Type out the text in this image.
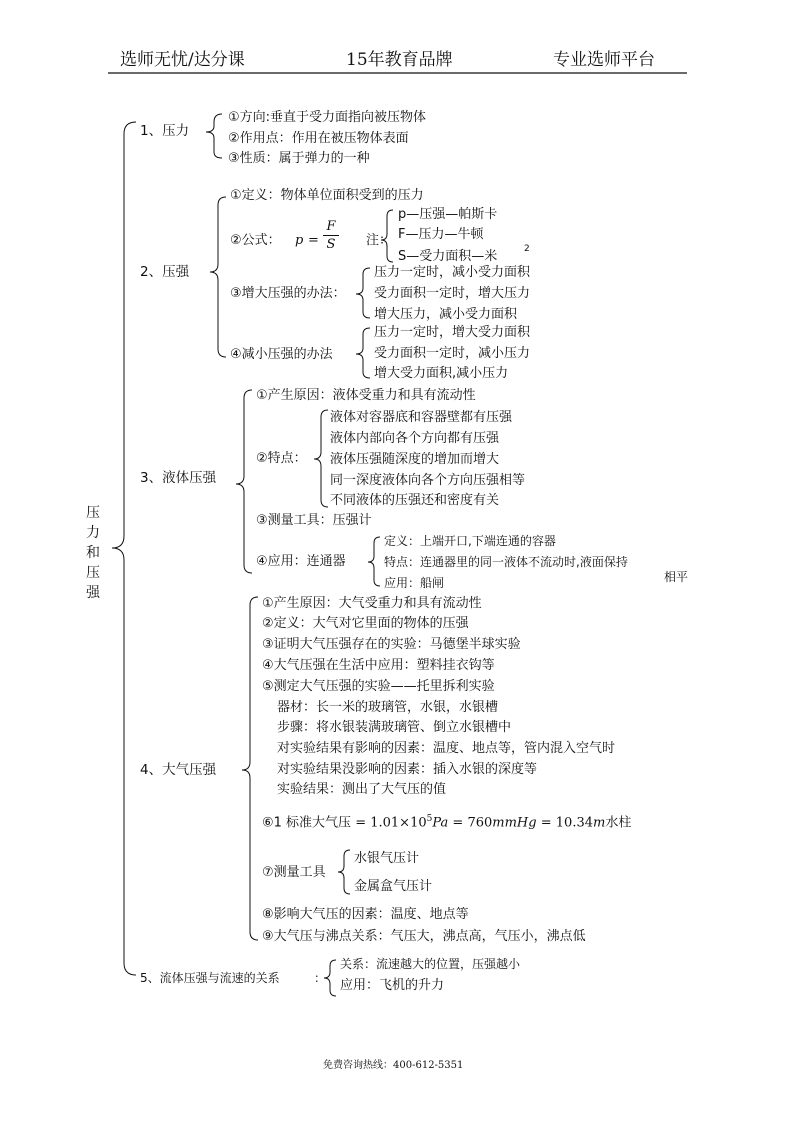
选师无忧/达分课	15年教育品牌	专业选师平台
压
力
和
压
强
1、压力
①方向:垂直于受力面指向被压物体
②作用点：作用在被压物体表面
③性质：属于弹力的一种
2、压强
①定义：物体单位面积受到的压力
②公式： $p = \frac{F}{S}$ 注：
p—压强—帕斯卡
F—压力—牛顿
S—受力面积—米	2
③增大压强的办法：
压力一定时，减小受力面积
受力面积一定时，增大压力
增大压力，减小受力面积
④减小压强的办法
压力一定时，增大受力面积
受力面积一定时，减小压力
增大受力面积,减小压力
3、液体压强
①产生原因：液体受重力和具有流动性
②特点：
液体对容器底和容器壁都有压强
液体内部向各个方向都有压强
液体压强随深度的增加而增大
同一深度液体向各个方向压强相等
不同液体的压强还和密度有关
③测量工具：压强计
④应用：连通器
定义：上端开口,下端连通的容器
特点：连通器里的同一液体不流动时,液面保持
相平
应用：船闸
4、大气压强
①产生原因：大气受重力和具有流动性
②定义：大气对它里面的物体的压强
③证明大气压强存在的实验：马德堡半球实验
④大气压强在生活中应用：塑料挂衣钩等
⑤测定大气压强的实验——托里拆利实验
器材：长一米的玻璃管，水银，水银槽
步骤：将水银装满玻璃管、倒立水银槽中
对实验结果有影响的因素：温度、地点等，管内混入空气时
对实验结果没影响的因素：插入水银的深度等
实验结果：测出了大气压的值
⑥1 标准大气压 = $1.01\times 10^5Pa$ = 760mmHg = 10.34m水柱
⑦测量工具
水银气压计
金属盒气压计
⑧影响大气压的因素：温度、地点等
⑨大气压与沸点关系：气压大，沸点高，气压小，沸点低
5、流体压强与流速的关系	：
关系：流速越大的位置，压强越小
应用：飞机的升力
免费咨询热线：400-612-5351
